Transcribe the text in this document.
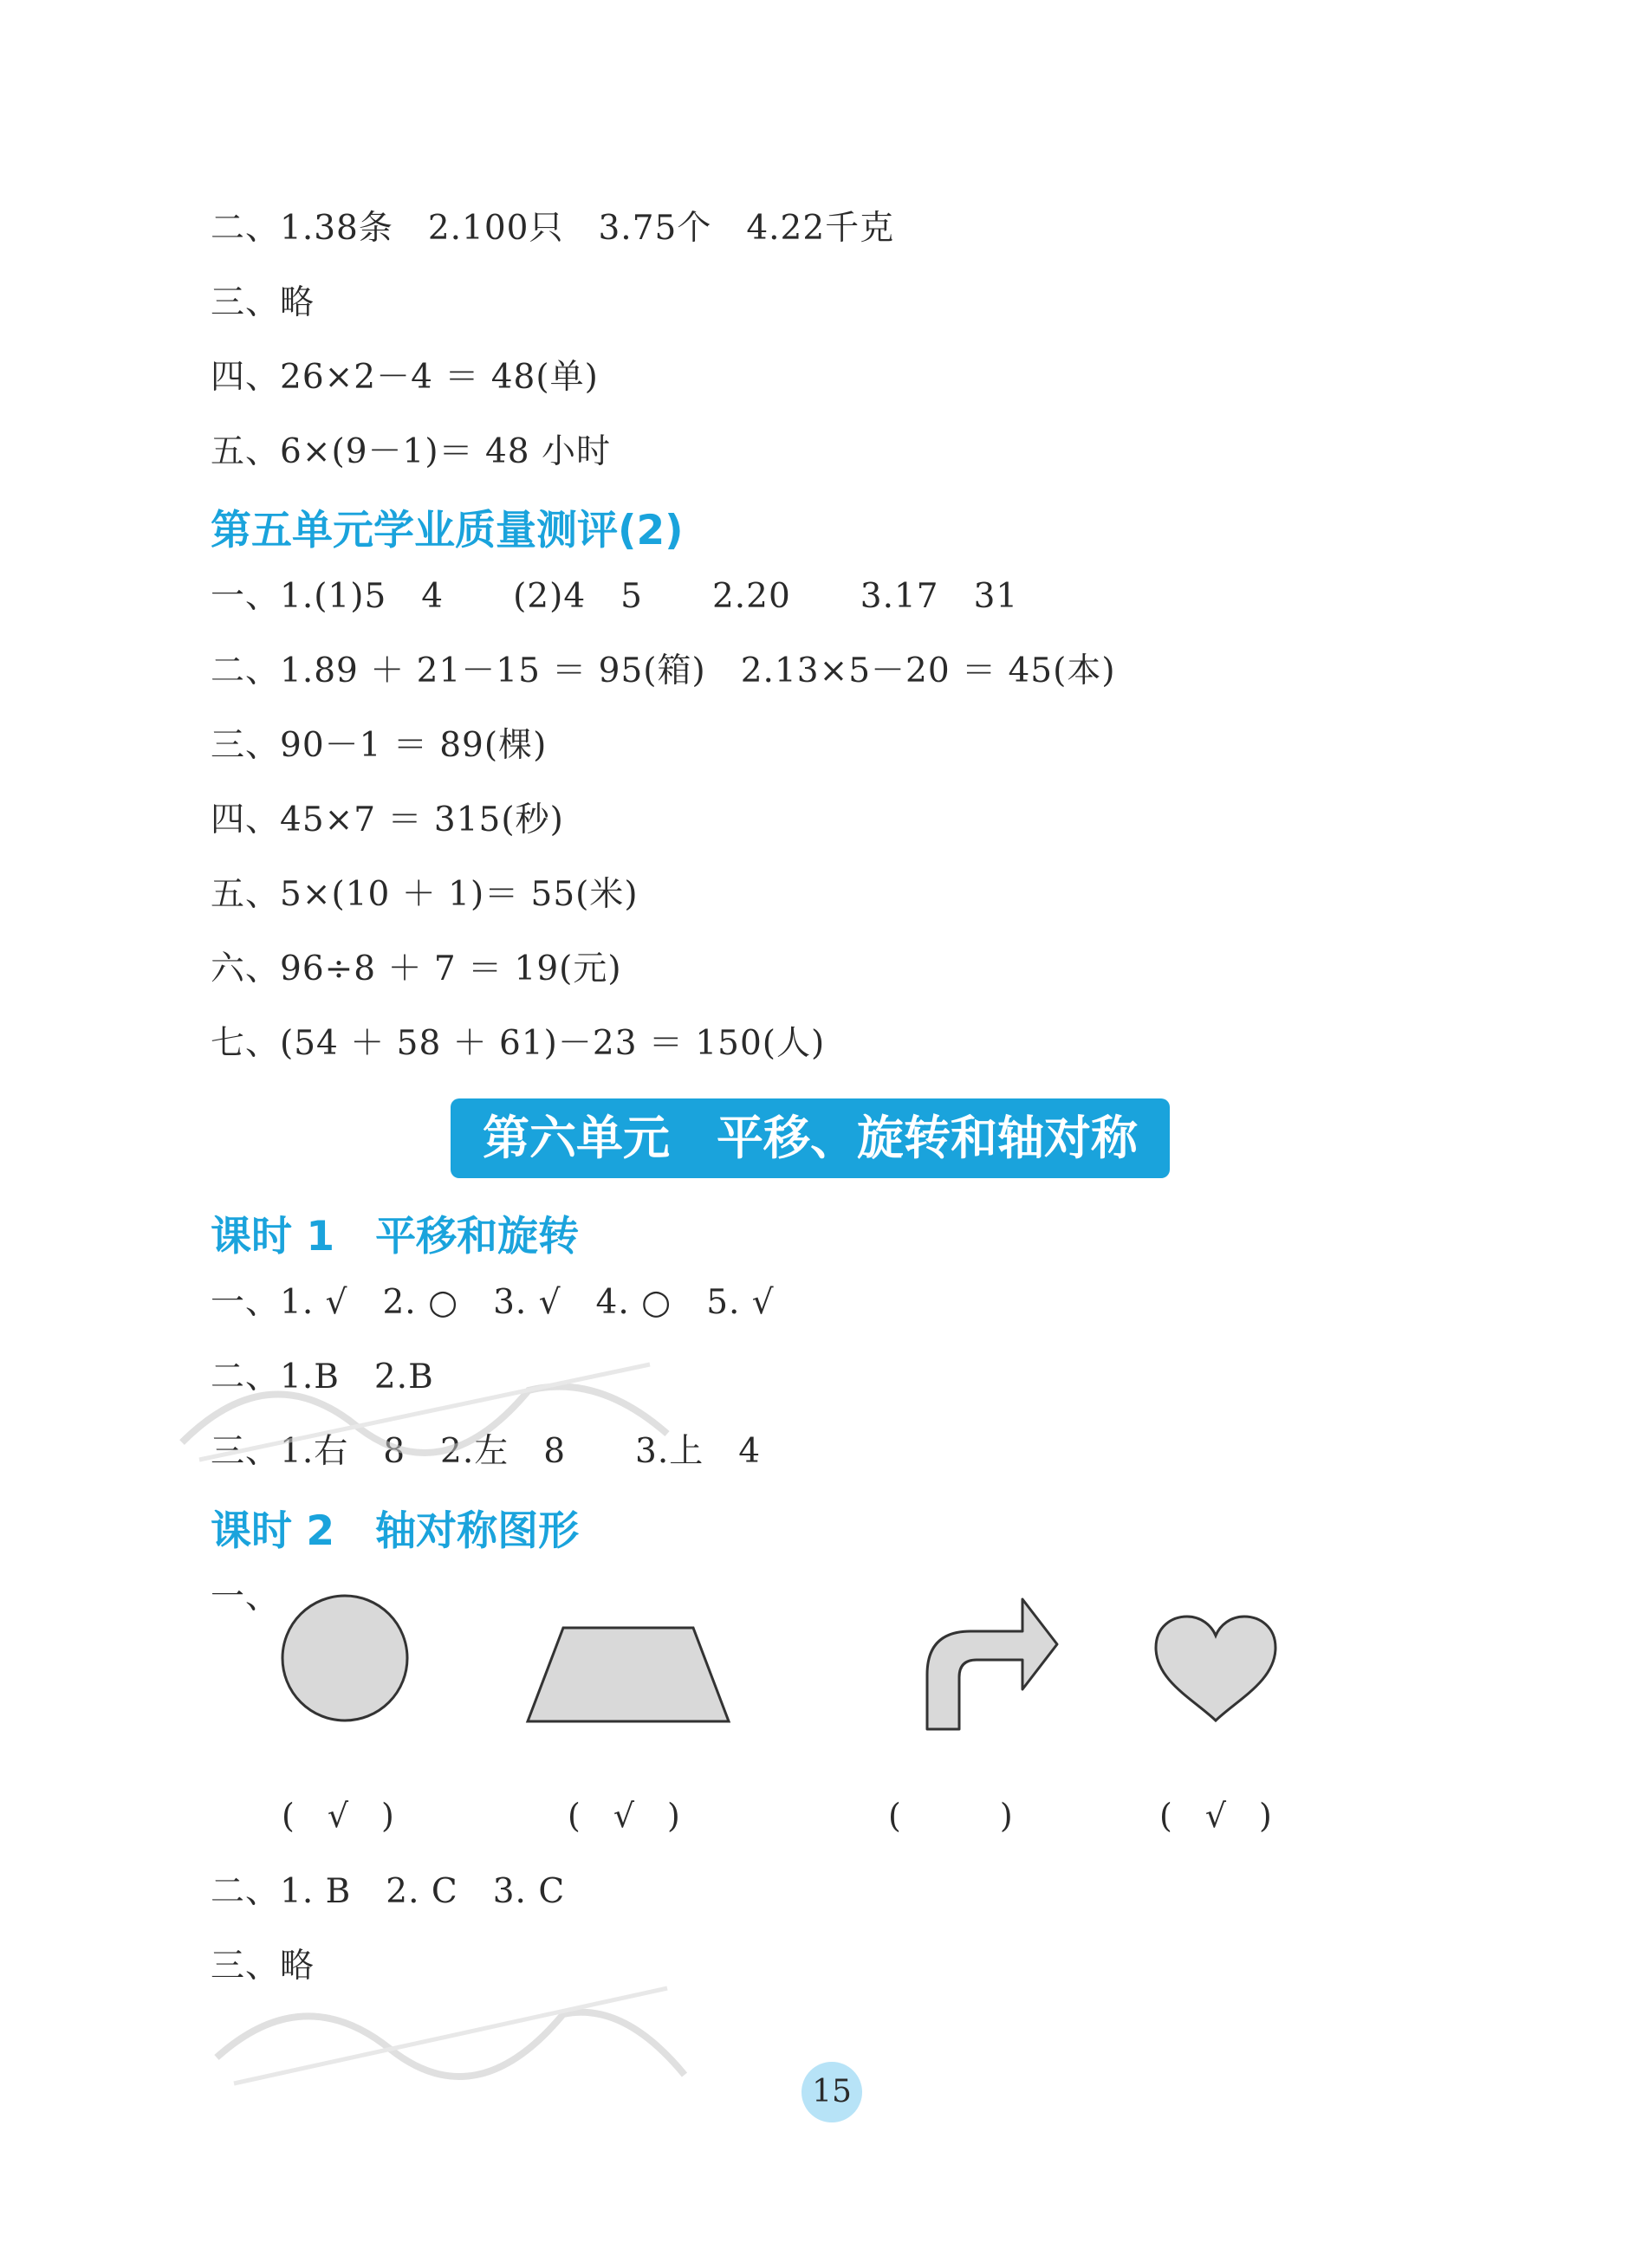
二、1.38条　2.100只　3.75个　4.22千克
三、略
四、26×2－4 ＝ 48(单)
五、6×(9－1)＝ 48 小时
第五单元学业质量测评(2)
一、1.(1)5　4　　(2)4　5　　2.20　　3.17　31
二、1.89 ＋ 21－15 ＝ 95(箱)　2.13×5－20 ＝ 45(本)
三、90－1 ＝ 89(棵)
四、45×7 ＝ 315(秒)
五、5×(10 ＋ 1)＝ 55(米)
六、96÷8 ＋ 7 ＝ 19(元)
七、(54 ＋ 58 ＋ 61)－23 ＝ 150(人)
第六单元　平移、旋转和轴对称
课时 1　平移和旋转
一、1. √　2. ○　3. √　4. ○　5. √
二、1.B　2.B
三、1.右　8　2.左　8　　3.上　4
课时 2　轴对称图形
一、
(　√　)	(　√　)	(　　　)	(　√　)
二、1. B　2. C　3. C
三、略
15
